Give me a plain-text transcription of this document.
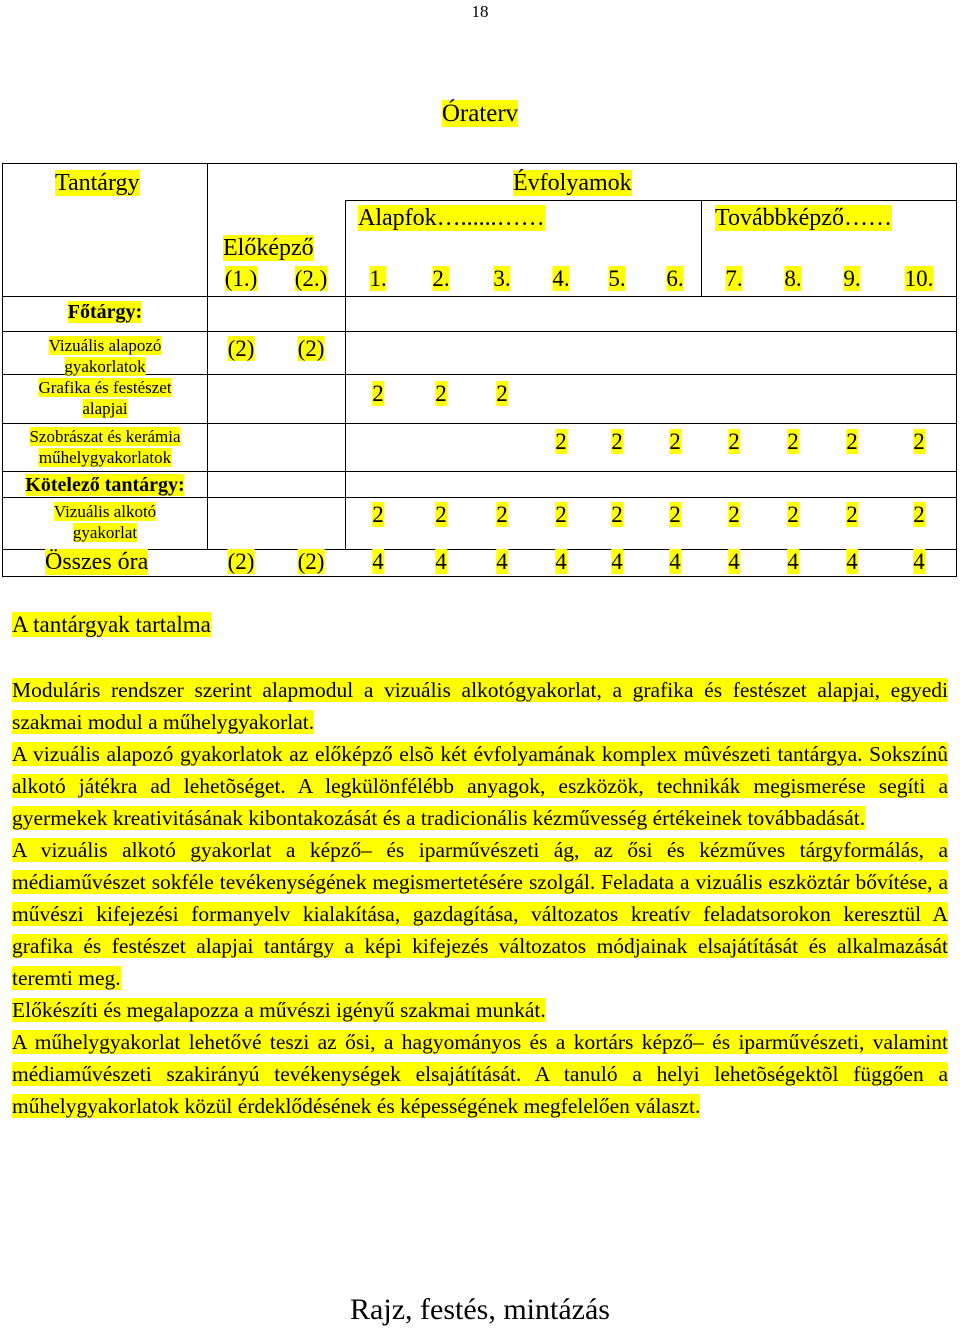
18
Óraterv
Tantárgy	Évfolyamok
Alapfok…......……	Továbbképző……
Előképző
Főtárgy:
Kötelező tantárgy:
Összes óra
(1.) (2.) 1. 2. 3. 4. 5. 6. 7. 8. 9. 10.
Vizuális alapozó
gyakorlatok
(2) (2)
Grafika és festészet
alapjai
2 2 2
Szobrászat és kerámia
műhelygyakorlatok
2 2 2 2 2 2 2
Vizuális alkotó
gyakorlat
2 2 2 2 2 2 2 2 2 2
(2) (2) 4 4 4 4 4 4 4 4 4 4
A tantárgyak tartalma

Moduláris rendszer szerint alapmodul a vizuális alkotógyakorlat, a grafika és festészet alapjai, egyedi szakmai modul a műhelygyakorlat.

A vizuális alapozó gyakorlatok az előképző elsõ két évfolyamának komplex mûvészeti tantárgya. Sokszínû alkotó játékra ad lehetõséget. A legkülönfélébb anyagok, eszközök, technikák megismerése segíti a gyermekek kreativitásának kibontakozását és a tradicionális kézművesség értékeinek továbbadását.

A vizuális alkotó gyakorlat a képző– és iparművészeti ág, az ősi és kézműves tárgyformálás, a médiaművészet sokféle tevékenységének megismertetésére szolgál. Feladata a vizuális eszköztár bővítése, a művészi kifejezési formanyelv kialakítása, gazdagítása, változatos kreatív feladatsorokon keresztül A grafika és festészet alapjai tantárgy a képi kifejezés változatos módjainak elsajátítását és alkalmazását teremti meg.

Előkészíti és megalapozza a művészi igényű szakmai munkát.

A műhelygyakorlat lehetővé teszi az ősi, a hagyományos és a kortárs képző– és iparművészeti, valamint médiaművészeti szakirányú tevékenységek elsajátítását. A tanuló a helyi lehetõségektõl függően a műhelygyakorlatok közül érdeklődésének és képességének megfelelően választ.

Rajz, festés, mintázás
